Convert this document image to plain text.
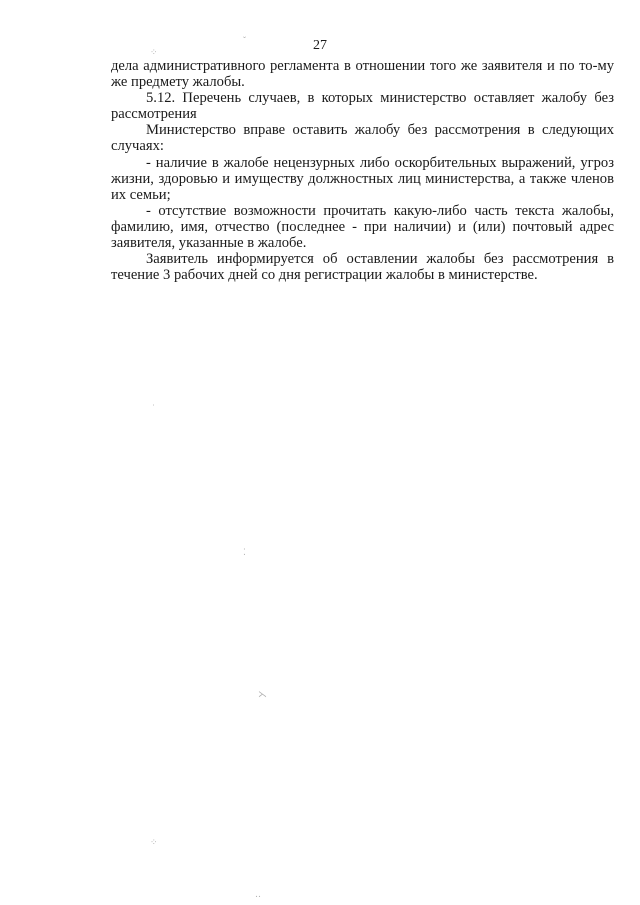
27

дела административного регламента в отношении того же заявителя и по то-му же предмету жалобы.

5.12. Перечень случаев, в которых министерство оставляет жалобу без рассмотрения

Министерство вправе оставить жалобу без рассмотрения в следующих случаях:

- наличие в жалобе нецензурных либо оскорбительных выражений, угроз жизни, здоровью и имуществу должностных лиц министерства, а также членов их семьи;

- отсутствие возможности прочитать какую-либо часть текста жалобы, фамилию, имя, отчество (последнее - при наличии) и (или) почтовый адрес заявителя, указанные в жалобе.

Заявитель информируется об оставлении жалобы без рассмотрения в течение 3 рабочих дней со дня регистрации жалобы в министерстве.

⁘
ˇ
˙
⁚
⋋
⁘
‥
